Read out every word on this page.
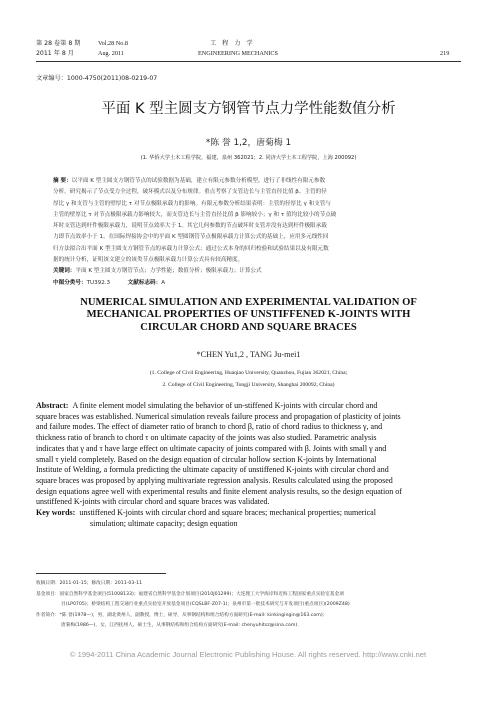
第 28 卷第 8 期	Vol.28 No.8	工 程 力 学
2011 年 8 月	Aug. 2011	ENGINEERING MECHANICS	219
文章编号：1000-4750(2011)08-0219-07
平面 K 型主圆支方钢管节点力学性能数值分析
*陈 誉 1,2，唐菊梅 1
(1. 华侨大学土木工程学院，福建，泉州 362021；2. 同济大学土木工程学院，上海 200092)
摘 要：以平面 K 型主圆支方钢管节点的试验数据为基础，建立有限元参数分析模型，进行了非线性有限元参数
分析。研究揭示了节点受力全过程，破坏模式以及分布规律。重点考察了支管边长与主管直径比值 β、主管的径
厚比 γ 和支管与主管的壁厚比 τ 对节点极限承载力的影响。有限元参数分析结果表明：主管的径厚比 γ 和支管与
主管的壁厚比 τ 对节点极限承载力影响较大，而支管边长与主管直径比值 β 影响较小；γ 和 τ 值均比较小的节点破
坏时支管达到杆件极限承载力，说明节点效率大于 1。其它几何参数的节点破坏时支管并没有达到杆件极限承载
力即节点效率小于 1。在国际焊接协会中的平面 K 型圆钢管节点极限承载力计算公式的基础上，应用多元线性回
归方法拟合出平面 K 型主圆支方钢管节点的承载力计算公式；通过公式本身的回归校验和试验结果以及有限元数
据的统计分析，证明该文建立的该类节点极限承载力计算公式具有较高精度。
关键词：平面 K 型主圆支方钢管节点；力学性能；数值分析；极限承载力；计算公式
中图分类号：TU392.3	文献标志码：A
NUMERICAL SIMULATION AND EXPERIMENTAL VALIDATION OF
MECHANICAL PROPERTIES OF UNSTIFFENED K-JOINTS WITH
CIRCULAR CHORD AND SQUARE BRACES
*CHEN Yu1,2 , TANG Ju-mei1
(1. College of Civil Engineering, Huaqiao University, Quanzhou, Fujian 362021, China;
2. College of Civil Engineering, Tongji University, Shanghai 200092, China)
Abstract: A finite element model simulating the behavior of un-stiffened K-joints with circular chord and
square braces was established. Numerical simulation reveals failure process and propagation of plasticity of joints
and failure modes. The effect of diameter ratio of branch to chord β, ratio of chord radius to thickness γ, and
thickness ratio of branch to chord τ on ultimate capacity of the joints was also studied. Parametric analysis
indicates that γ and τ have large effect on ultimate capacity of joints compared with β. Joints with small γ and
small τ yield completely. Based on the design equation of circular hollow section K-joints by International
Institute of Welding, a formula predicting the ultimate capacity of unstiffened K-joints with circular chord and
square braces was proposed by applying multivariate regression analysis. Results calculated using the proposed
design equations agree well with experimental results and finite element analysis results, so the design equation of
unstiffened K-joints with circular chord and square braces was validated.
Key words: unstiffened K-joints with circular chord and square braces; mechanical properties; numerical
simulation; ultimate capacity; design equation
收稿日期：2011-01-15；修改日期：2011-03-11
基金项目：国家自然科学基金项目(51008133)；福建省自然科学基金计划项目(2010J01299)；大连理工大学海岸和近海工程国家重点实验室基金项
目(LP0705)；桥梁结构工程交通行业重点实验室开放基金项目(CQSLBF-Z07-1)；泉州市第一批技术研究与开发项目(重点项目)(2009Z48)
作者简介：*陈 誉(1978—)，男，湖北黄州人，副教授，博士，硕导，从事钢结构和组合结构方面研究(E-mail: kinkingingin@163.com)；
唐菊梅(1986—)，女，江西抚州人，硕士生，从事钢结构和组合结构方面研究(E-mail: chenyuhitsz@sina.com).
© 1994-2011 China Academic Journal Electronic Publishing House. All rights reserved. http://www.cnki.net
